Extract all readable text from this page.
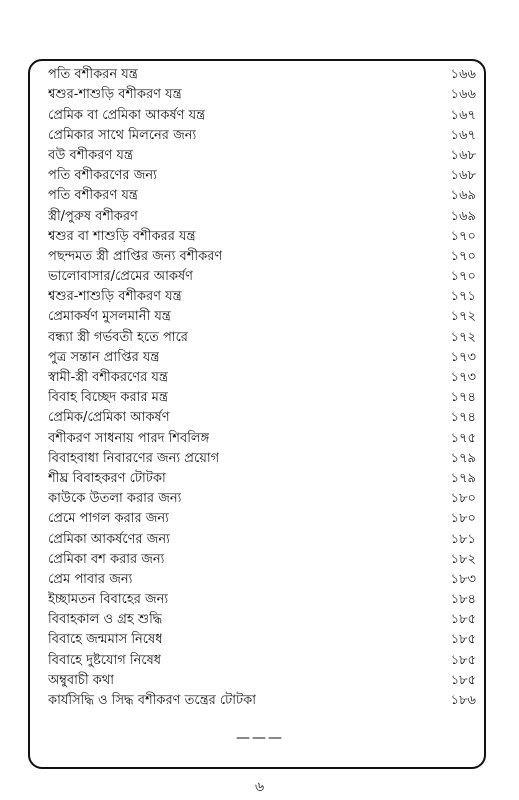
পতি বশীকরন যন্ত্র	১৬৬
শ্বশুর-শাশুড়ি বশীকরণ যন্ত্র	১৬৬
প্রেমিক বা প্রেমিকা আকর্ষণ যন্ত্র	১৬৭
প্রেমিকার সাথে মিলনের জন্য	১৬৭
বউ বশীকরণ যন্ত্র	১৬৮
পতি বশীকরণের জন্য	১৬৮
পতি বশীকরণ যন্ত্র	১৬৯
স্ত্রী/পুরুষ বশীকরণ	১৬৯
শ্বশুর বা শাশুড়ি বশীকরর যন্ত্র	১৭০
পছন্দমত স্ত্রী প্রাপ্তির জন্য বশীকরণ	১৭০
ভালোবাসার/প্রেমের আকর্ষণ	১৭০
শ্বশুর-শাশুড়ি বশীকরণ যন্ত্র	১৭১
প্রেমাকর্ষণ মুসলমানী যন্ত্র	১৭২
বন্ধ্যা স্ত্রী গর্ভবতী হতে পারে	১৭২
পুত্র সন্তান প্রাপ্তির যন্ত্র	১৭৩
স্বামী-স্ত্রী বশীকরণের যন্ত্র	১৭৩
বিবাহ বিচ্ছেদ করার মন্ত্র	১৭৪
প্রেমিক/প্রেমিকা আকর্ষণ	১৭৪
বশীকরণ সাধনায় পারদ শিবলিঙ্গ	১৭৫
বিবাহবাধা নিবারণের জন্য প্রয়োগ	১৭৯
শীঘ্র বিবাহকরণ টোটকা	১৭৯
কাউকে উতলা করার জন্য	১৮০
প্রেমে পাগল করার জন্য	১৮০
প্রেমিকা আকর্ষণের জন্য	১৮১
প্রেমিকা বশ করার জন্য	১৮২
প্রেম পাবার জন্য	১৮৩
ইচ্ছামতন বিবাহের জন্য	১৮৪
বিবাহকাল ও গ্রহ শুদ্ধি	১৮৫
বিবাহে জন্মমাস নিষেধ	১৮৫
বিবাহে দুষ্টযোগ নিষেধ	১৮৫
অম্বুবাচী কথা	১৮৫
কার্যসিদ্ধি ও সিদ্ধ বশীকরণ তন্ত্রের টোটকা	১৮৬
———
৬
